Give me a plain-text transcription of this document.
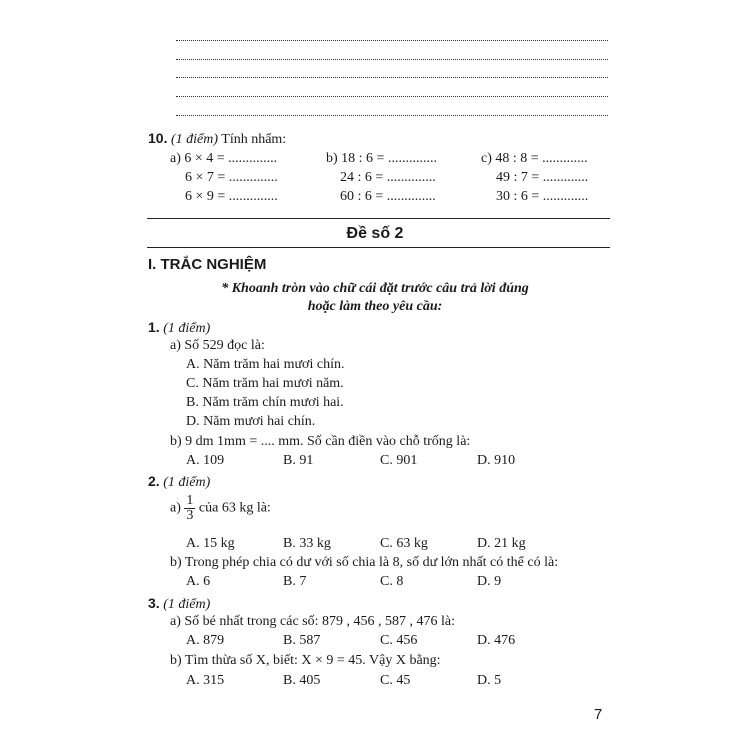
10. (1 điểm) Tính nhẩm:
a) 6 × 4 = ..............	b) 18 : 6 = ..............	c) 48 : 8 = .............
6 × 7 = ..............	24 : 6 = ..............	49 : 7 = .............
6 × 9 = ..............	60 : 6 = ..............	30 : 6 = .............
Đề số 2
I. TRẮC NGHIỆM
* Khoanh tròn vào chữ cái đặt trước câu trả lời đúng
hoặc làm theo yêu cầu:
1. (1 điểm)
a) Số 529 đọc là:
A. Năm trăm hai mươi chín.
C. Năm trăm hai mươi năm.
B. Năm trăm chín mươi hai.
D. Năm mươi hai chín.
b) 9 dm 1mm = .... mm. Số cần điền vào chỗ trống là:
A. 109	B. 91	C. 901	D. 910
2. (1 điểm)
$a) \frac{1}{3}$ của 63 kg là:
A. 15 kg	B. 33 kg	C. 63 kg	D. 21 kg
b) Trong phép chia có dư với số chia là 8, số dư lớn nhất có thể có là:
A. 6	B. 7	C. 8	D. 9
3. (1 điểm)
a) Số bé nhất trong các số: 879 , 456 , 587 , 476 là:
A. 879	B. 587	C. 456	D. 476
b) Tìm thừa số X, biết: X × 9 = 45. Vậy X bằng:
A. 315	B. 405	C. 45	D. 5
7
